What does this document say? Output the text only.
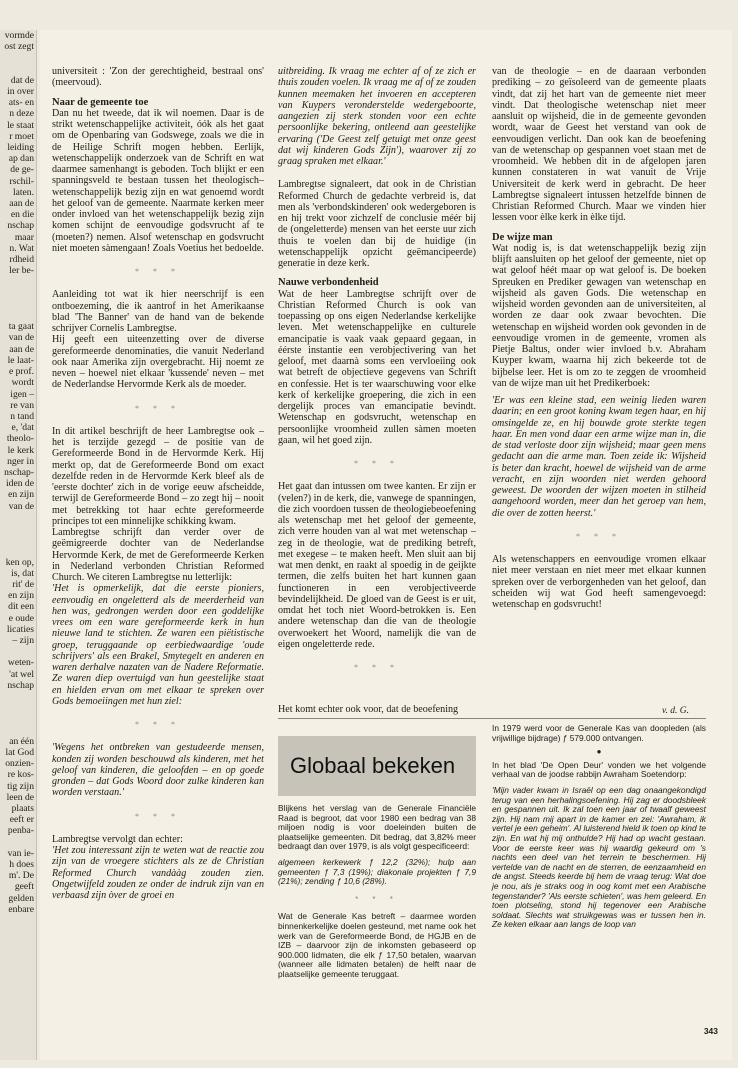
vormde
ost zegt

dat de
in over
ats- en
n deze
le staat
r moet
leiding
ap dan
de ge-
rschil-
laten.
aan de
en die
nschap
maar
n. Wat
rdheid
ler be-

ta gaat
van de
aan de
le laat-
e prof.
wordt
igen –
re van
n tand
e, 'dat
theolo-
le kerk
nger in
nschap-
iden de
en zijn
van de

ken op,
is, dat
rit' de
en zijn
dit een
e oude
licaties
– zijn

weten-
'at wel
nschap

an één
lat God
onzien-
re kos-
tig zijn
leen de
plaats
eeft er
penba-

van ie-
h does
m'. De
geeft
gelden
enbare

universiteit : 'Zon der gerechtigheid, bestraal ons' (meervoud).

Naar de gemeente toe

Dan nu het tweede, dat ik wil noemen. Daar is de strikt wetenschappelijke activiteit, óók als het gaat om de Openbaring van Godswege, zoals we die in de Heilige Schrift mogen hebben. Eerlijk, wetenschappelijk onderzoek van de Schrift en wat daarmee samenhangt is geboden. Toch blijkt er een spanningsveld te bestaan tussen het theologisch–wetenschappelijk bezig zijn en wat genoemd wordt het geloof van de gemeente. Naarmate kerken meer onder invloed van het wetenschappelijk bezig zijn komen schijnt de eenvoudige godsvrucht af te (moeten?) nemen. Alsof wetenschap en godsvrucht niet moeten sàmengaan! Zoals Voetius het bedoelde.

* * *

Aanleiding tot wat ik hier neerschrijf is een ontboezeming, die ik aantrof in het Amerikaanse blad 'The Banner' van de hand van de bekende schrijver Cornelis Lambregtse.

Hij geeft een uiteenzetting over de diverse gereformeerde denominaties, die vanuit Nederland ook naar Amerika zijn overgebracht. Hij noemt ze neven – hoewel niet elkaar 'kussende' neven – met de Nederlandse Hervormde Kerk als de moeder.

* * *

In dit artikel beschrijft de heer Lambregtse ook – het is terzijde gezegd – de positie van de Gereformeerde Bond in de Hervormde Kerk. Hij merkt op, dat de Gereformeerde Bond om exact dezelfde reden in de Hervormde Kerk bleef als de 'eerste dochter' zich in de vorige eeuw afscheidde, terwijl de Gereformeerde Bond – zo zegt hij – nooit met betrekking tot haar echte gereformeerde principes tot een minnelijke schikking kwam.

Lambregtse schrijft dan verder over de geëmigreerde dochter van de Nederlandse Hervormde Kerk, de met de Gereformeerde Kerken in Nederland verbonden Christian Reformed Church. We citeren Lambregtse nu letterlijk:

'Het is opmerkelijk, dat die eerste pioniers, eenvoudig en ongeletterd als de meerderheid van hen was, gedrongen werden door een goddelijke vrees om een ware gereformeerde kerk in hun nieuwe land te stichten. Ze waren een piëtistische groep, teruggaande op eerbiedwaardige 'oude schrijvers' als een Brakel, Smytegelt en anderen en waren derhalve nazaten van de Nadere Reformatie. Ze waren diep overtuigd van hun geestelijke staat en hielden ervan om met elkaar te spreken over Gods bemoeiingen met hun ziel:

* * *

'Wegens het ontbreken van gestudeerde mensen, konden zij worden beschouwd als kinderen, met het geloof van kinderen, die geloofden – en op goede gronden – dat Gods Woord door zulke kinderen kan worden verstaan.'

* * *

Lambregtse vervolgt dan echter:

'Het zou interessant zijn te weten wat de reactie zou zijn van de vroegere stichters als ze de Christian Reformed Church vandààg zouden zien. Ongetwijfeld zouden ze onder de indruk zijn van en verbaasd zijn òver de groei en

uitbreiding. Ik vraag me echter af of ze zich er thuis zouden voelen. Ik vraag me af of ze zouden kunnen meemaken het invoeren en accepteren van Kuypers veronderstelde wedergeboorte, aangezien zij sterk stonden voor een echte persoonlijke bekering, ontleend aan geestelijke ervaring ('De Geest zelf getuigt met onze geest dat wij kinderen Gods Zijn'), waarover zij zo graag spraken met elkaar.'

Lambregtse signaleert, dat ook in de Christian Reformed Church de gedachte verbreid is, dat men als 'verbondskinderen' ook wedergeboren is en hij trekt voor zichzelf de conclusie méér bij de (ongeletterde) mensen van het eerste uur zich thuis te voelen dan bij de huidige (in wetenschappelijk opzicht geëmancipeerde) generatie in deze kerk.

Nauwe verbondenheid

Wat de heer Lambregtse schrijft over de Christian Reformed Church is ook van toepassing op ons eigen Nederlandse kerkelijke leven. Met wetenschappelijke en culturele emancipatie is vaak vaak gepaard gegaan, in éérste instantie een verobjectivering van het geloof, met daarnà soms een vervloeiing ook wat betreft de objectieve gegevens van Schrift en confessie. Het is ter waarschuwing voor elke kerk of kerkelijke groepering, die zich in een dergelijk proces van emancipatie bevindt. Wetenschap en godsvrucht, wetenschap en persoonlijke vroomheid zullen sàmen moeten gaan, wil het goed zijn.

* * *

Het gaat dan intussen om twee kanten. Er zijn er (velen?) in de kerk, die, vanwege de spanningen, die zich voordoen tussen de theologiebeoefening als wetenschap met het geloof der gemeente, zich verre houden van al wat met wetenschap – zeg in de theologie, wat de prediking betreft, met exegese – te maken heeft. Men sluit aan bij wat men denkt, en raakt al spoedig in de geijkte termen, die zelfs buiten het hart kunnen gaan functioneren in een verobjectiveerde bevindelijkheid. De gloed van de Geest is er uit, omdat het toch niet Woord-betrokken is. Een andere wetenschap dan die van de theologie overwoekert het Woord, namelijk die van de eigen ongeletterde rede.

* * *

Het komt echter ook voor, dat de beoefening

van de theologie – en de daaraan verbonden prediking – zo geïsoleerd van de gemeente plaats vindt, dat zij het hart van de gemeente niet meer vindt. Dat theologische wetenschap niet meer aansluit op wijsheid, die in de gemeente gevonden wordt, waar de Geest het verstand van ook de eenvoudigen verlicht. Dan ook kan de beoefening van de wetenschap op gespannen voet staan met de vroomheid. We hebben dit in de afgelopen jaren kunnen constateren in wat vanuit de Vrije Universiteit de kerk werd in gebracht. De heer Lambregtse signaleert intussen hetzelfde binnen de Christian Reformed Church. Maar we vinden hier lessen voor èlke kerk in èlke tijd.

De wijze man

Wat nodig is, is dat wetenschappelijk bezig zijn blijft aansluiten op het geloof der gemeente, niet op wat geloof héét maar op wat geloof is. De boeken Spreuken en Prediker gewagen van wetenschap en wijsheid als gaven Gods. Die wetenschap en wijsheid worden gevonden aan de universiteiten, al worden ze daar ook zwaar bevochten. Die wetenschap en wijsheid worden ook gevonden in de eenvoudige vromen in de gemeente, vromen als Pietje Baltus, onder wier invloed b.v. Abraham Kuyper kwam, waarna hij zich bekeerde tot de bijbelse leer. Het is om zo te zeggen de vroomheid van de wijze man uit het Predikerboek:

'Er was een kleine stad, een weinig lieden waren daarin; en een groot koning kwam tegen haar, en hij omsingelde ze, en hij bouwde grote sterkte tegen haar. En men vond daar een arme wijze man in, die de stad verloste door zijn wijsheid; maar geen mens gedacht aan die arme man. Toen zeide ik: Wijsheid is beter dan kracht, hoewel de wijsheid van de arme veracht, en zijn woorden niet werden gehoord geweest. De woorden der wijzen moeten in stilheid aangehoord worden, meer dan het geroep van hem, die over de zotten heerst.'

* * *

Als wetenschappers en eenvoudige vromen elkaar niet meer verstaan en niet meer met elkaar kunnen spreken over de verborgenheden van het geloof, dan scheiden wij wat God heeft samengevoegd: wetenschap en godsvrucht!

v. d. G.
Globaal bekeken

Blijkens het verslag van de Generale Financiële Raad is begroot, dat voor 1980 een bedrag van 38 miljoen nodig is voor doeleinden buiten de plaatselijke gemeenten. Dit bedrag, dat 3,82% meer bedraagt dan over 1979, is als volgt gespecificeerd:

algemeen kerkewerk ƒ 12,2 (32%); hulp aan gemeenten ƒ 7,3 (19%); diakonale projekten ƒ 7,9 (21%); zending ƒ 10,6 (28%).

* * *

Wat de Generale Kas betreft – daarmee worden binnenkerkelijke doelen gesteund, met name ook het werk van de Gereformeerde Bond, de HGJB en de IZB – daarvoor zijn de inkomsten gebaseerd op 900.000 lidmaten, die elk ƒ 17,50 betalen, waarvan (wanneer alle lidmaten betalen) de helft naar de plaatselijke gemeente teruggaat.

In 1979 werd voor de Generale Kas van doopleden (als vrijwillige bijdrage) ƒ 579.000 ontvangen.

●

In het blad 'De Open Deur' vonden we het volgende verhaal van de joodse rabbijn Awraham Soetendorp:

'Mijn vader kwam in Israël op een dag onaangekondigd terug van een herhalingsoefening. Hij zag er doodsbleek en gespannen uit. Ik zal toen een jaar of twaalf geweest zijn. Hij nam mij apart in de kamer en zei: 'Awraham, ik vertel je een geheim'. Al luisterend hield ik toen op kind te zijn. En wat hij mij onthulde? Hij had op wacht gestaan. Voor de eerste keer was hij waardig gekeurd om 's nachts een deel van het terrein te beschermen. Hij vertelde van de nacht en de sterren, de eenzaamheid en de angst. Steeds keerde bij hem de vraag terug: Wat doe je nou, als je straks oog in oog komt met een Arabische tegenstander? 'Als eerste schieten', was hem geleerd. En toen plotseling, stond hij tegenover een Arabische soldaat. Slechts wat struikgewas was er tussen hen in. Ze keken elkaar aan langs de loop van

343
